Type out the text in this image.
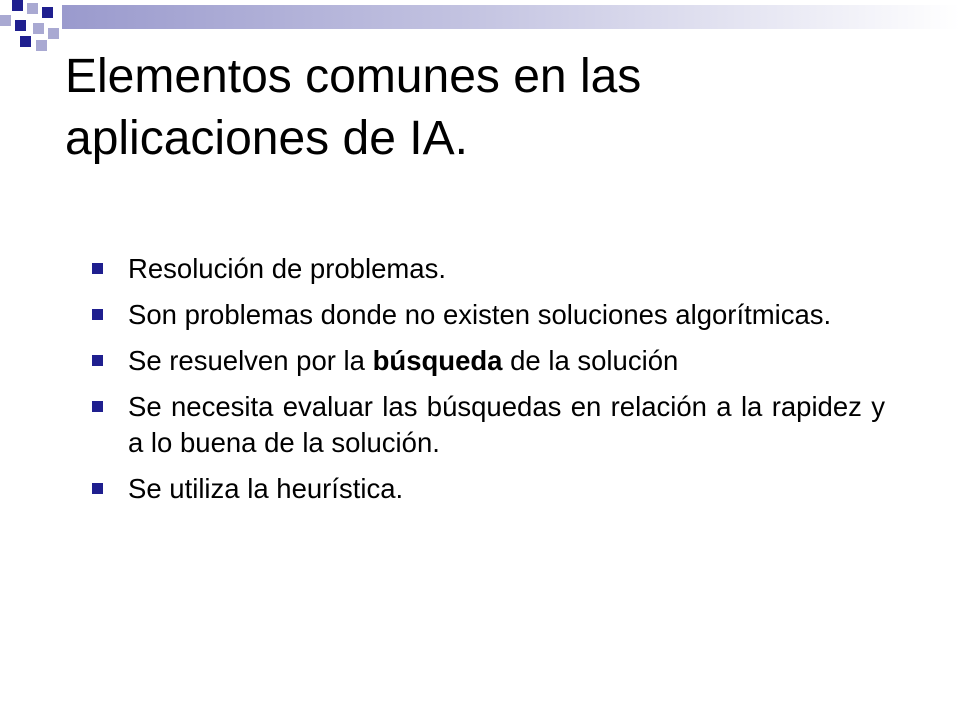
Elementos comunes en las
aplicaciones de IA.
Resolución de problemas.
Son problemas donde no existen soluciones algorítmicas.
Se resuelven por la búsqueda de la solución
Se necesita evaluar las búsquedas en relación a la rapidez y a lo buena de la solución.
Se utiliza la heurística.
